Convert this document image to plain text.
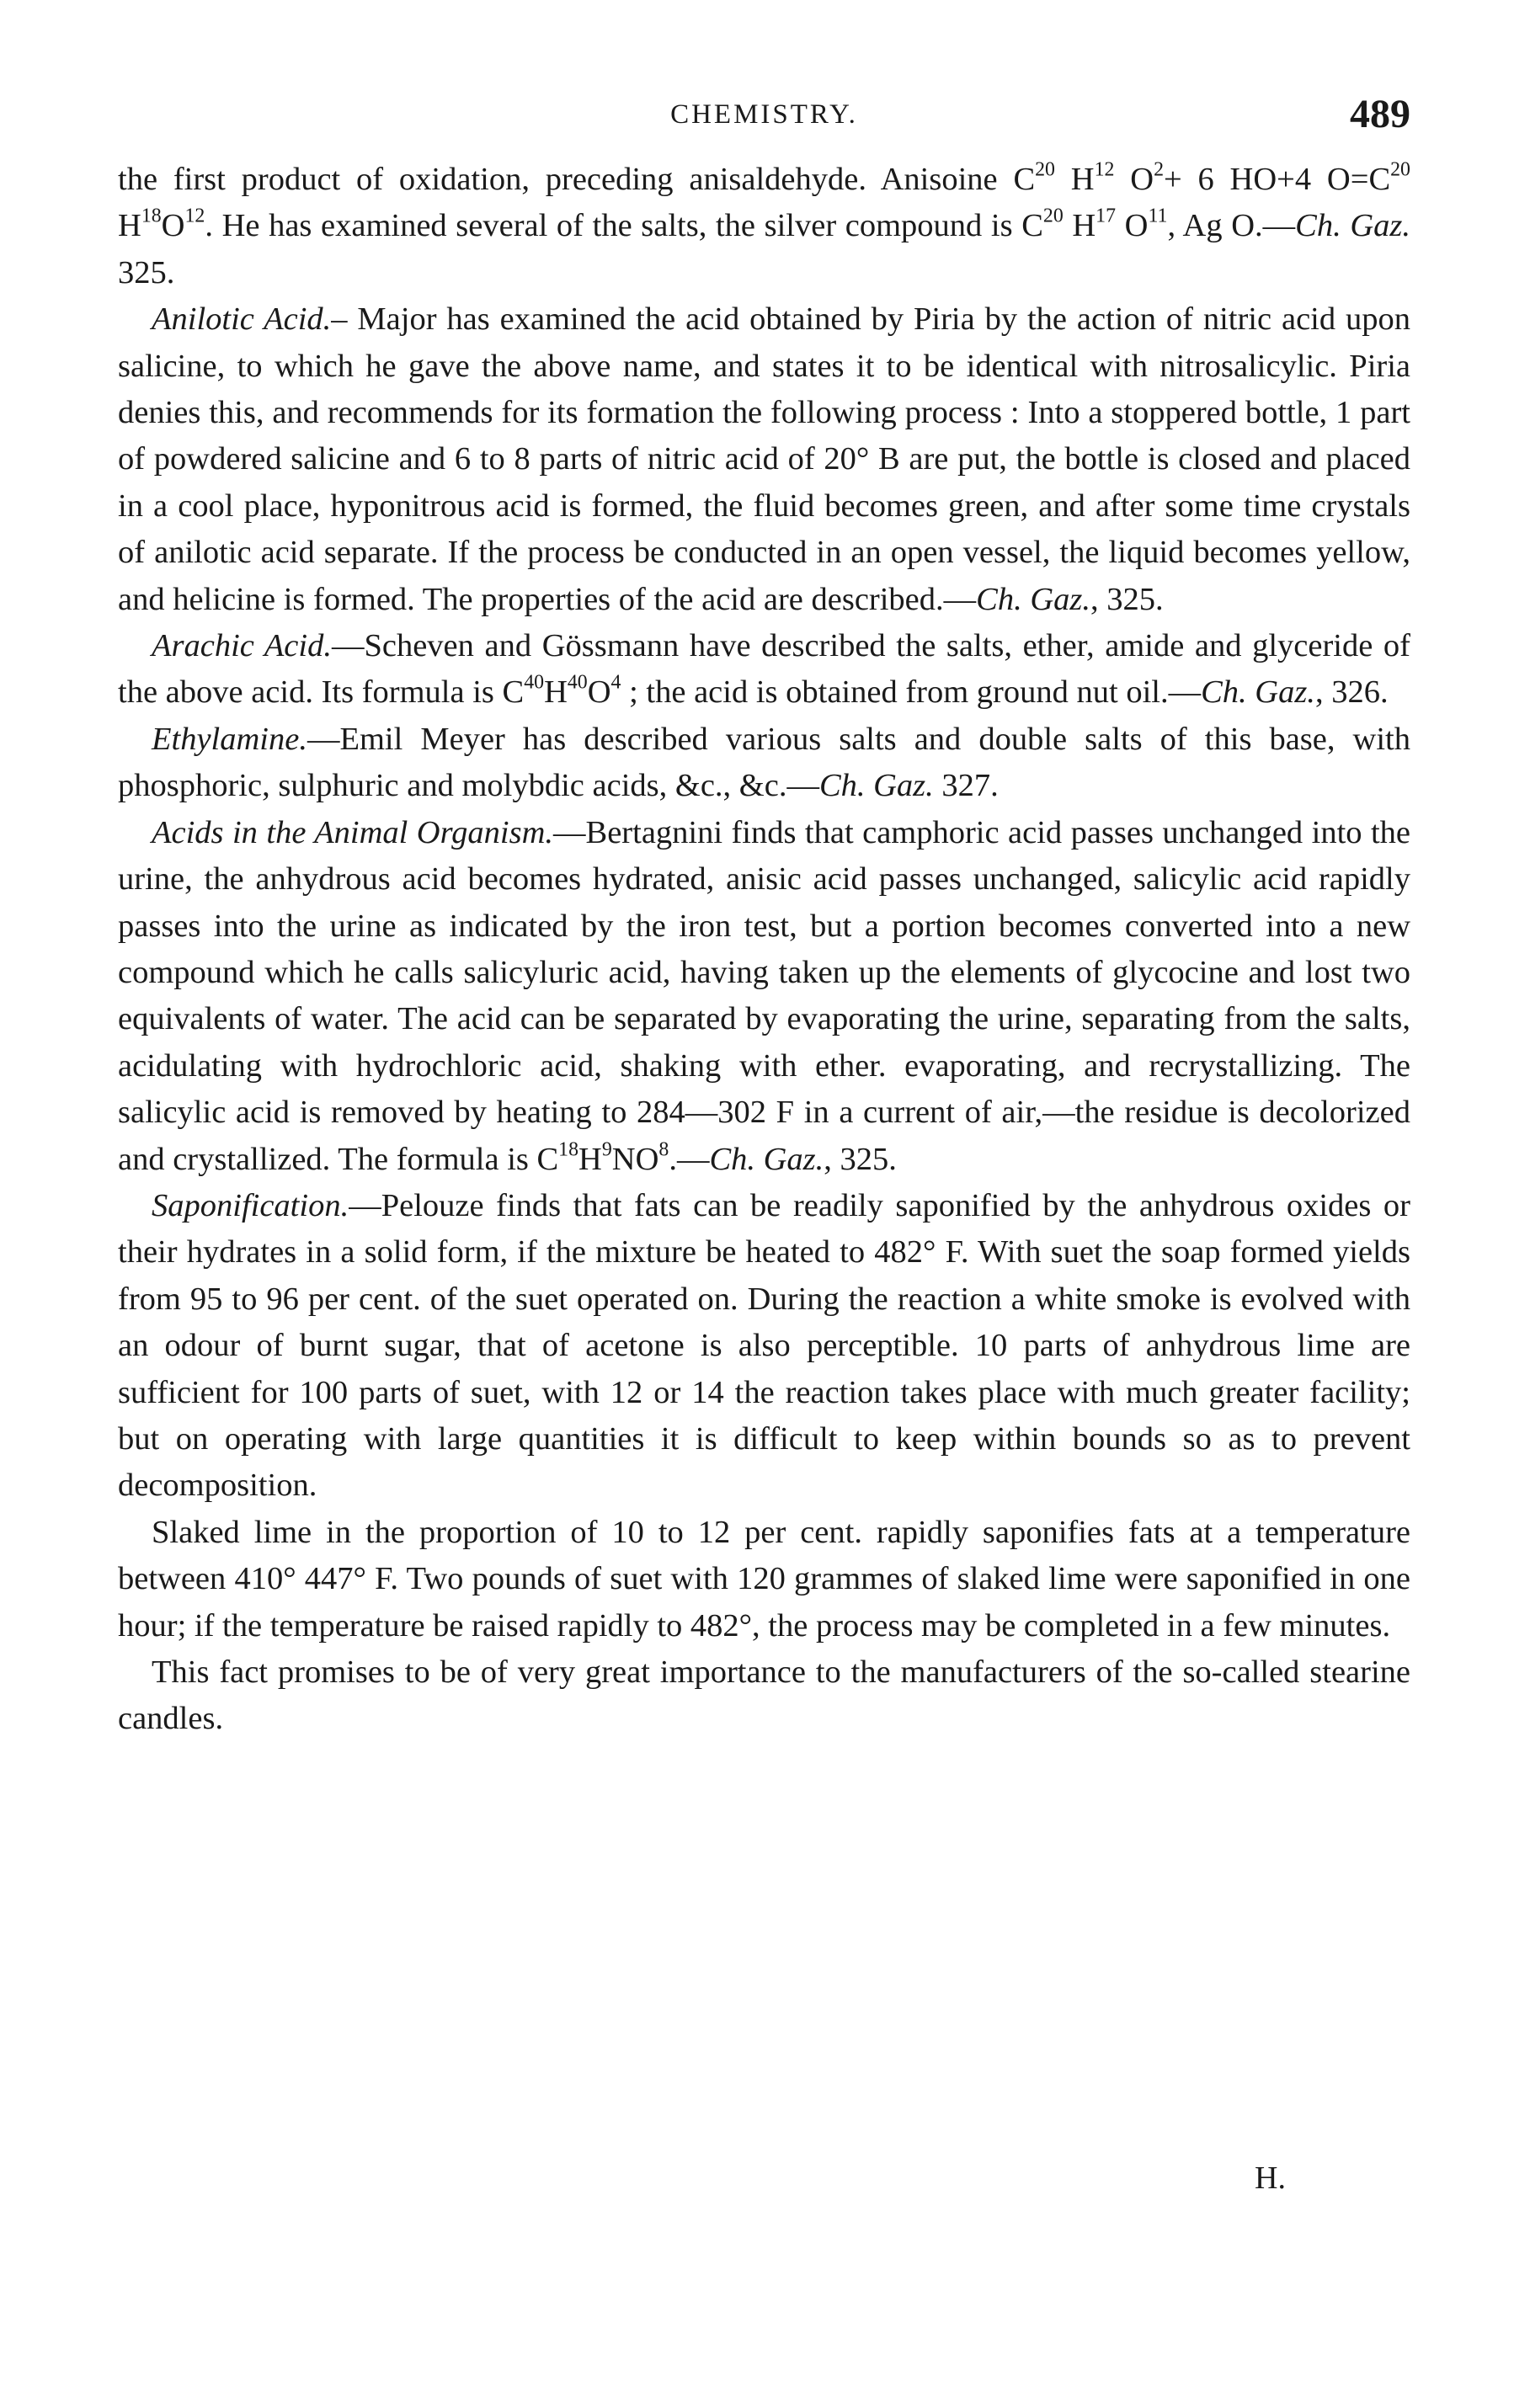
CHEMISTRY.	489

the first product of oxidation, preceding anisaldehyde. Anisoine $C^{20}$ $H^{12}$ $O^2+ 6$ HO+4 $O=C^{20}$ $H^{18}O^{12}$. He has examined several of the salts, the silver compound is $C^{20}$ $H^{17}$ $O^{11}$, Ag O.—Ch. Gaz. 325.

Anilotic Acid.– Major has examined the acid obtained by Piria by the action of nitric acid upon salicine, to which he gave the above name, and states it to be identical with nitrosalicylic. Piria denies this, and recommends for its formation the following process : Into a stoppered bottle, 1 part of powdered salicine and 6 to 8 parts of nitric acid of 20° B are put, the bottle is closed and placed in a cool place, hyponitrous acid is formed, the fluid becomes green, and after some time crystals of anilotic acid separate. If the process be conducted in an open vessel, the liquid becomes yellow, and helicine is formed. The properties of the acid are described.—Ch. Gaz., 325.

Arachic Acid.—Scheven and Gössmann have described the salts, ether, amide and glyceride of the above acid. Its formula is $C^{40}H^{40}O^4$ ; the acid is obtained from ground nut oil.—Ch. Gaz., 326.

Ethylamine.—Emil Meyer has described various salts and double salts of this base, with phosphoric, sulphuric and molybdic acids, &c., &c.—Ch. Gaz. 327.

Acids in the Animal Organism.—Bertagnini finds that camphoric acid passes unchanged into the urine, the anhydrous acid becomes hydrated, anisic acid passes unchanged, salicylic acid rapidly passes into the urine as indicated by the iron test, but a portion becomes converted into a new compound which he calls salicyluric acid, having taken up the elements of glycocine and lost two equivalents of water. The acid can be separated by evaporating the urine, separating from the salts, acidulating with hydrochloric acid, shaking with ether. evaporating, and recrystallizing. The salicylic acid is removed by heating to 284—302 F in a current of air,—the residue is decolorized and crystallized. The formula is $C^{18}H^9NO^8.—Ch$. Gaz., 325.

Saponification.—Pelouze finds that fats can be readily saponified by the anhydrous oxides or their hydrates in a solid form, if the mixture be heated to 482° F. With suet the soap formed yields from 95 to 96 per cent. of the suet operated on. During the reaction a white smoke is evolved with an odour of burnt sugar, that of acetone is also perceptible. 10 parts of anhydrous lime are sufficient for 100 parts of suet, with 12 or 14 the reaction takes place with much greater facility; but on operating with large quantities it is difficult to keep within bounds so as to prevent decomposition.

Slaked lime in the proportion of 10 to 12 per cent. rapidly saponifies fats at a temperature between 410° 447° F. Two pounds of suet with 120 grammes of slaked lime were saponified in one hour; if the temperature be raised rapidly to 482°, the process may be completed in a few minutes.

This fact promises to be of very great importance to the manufacturers of the so-called stearine candles.

H.
